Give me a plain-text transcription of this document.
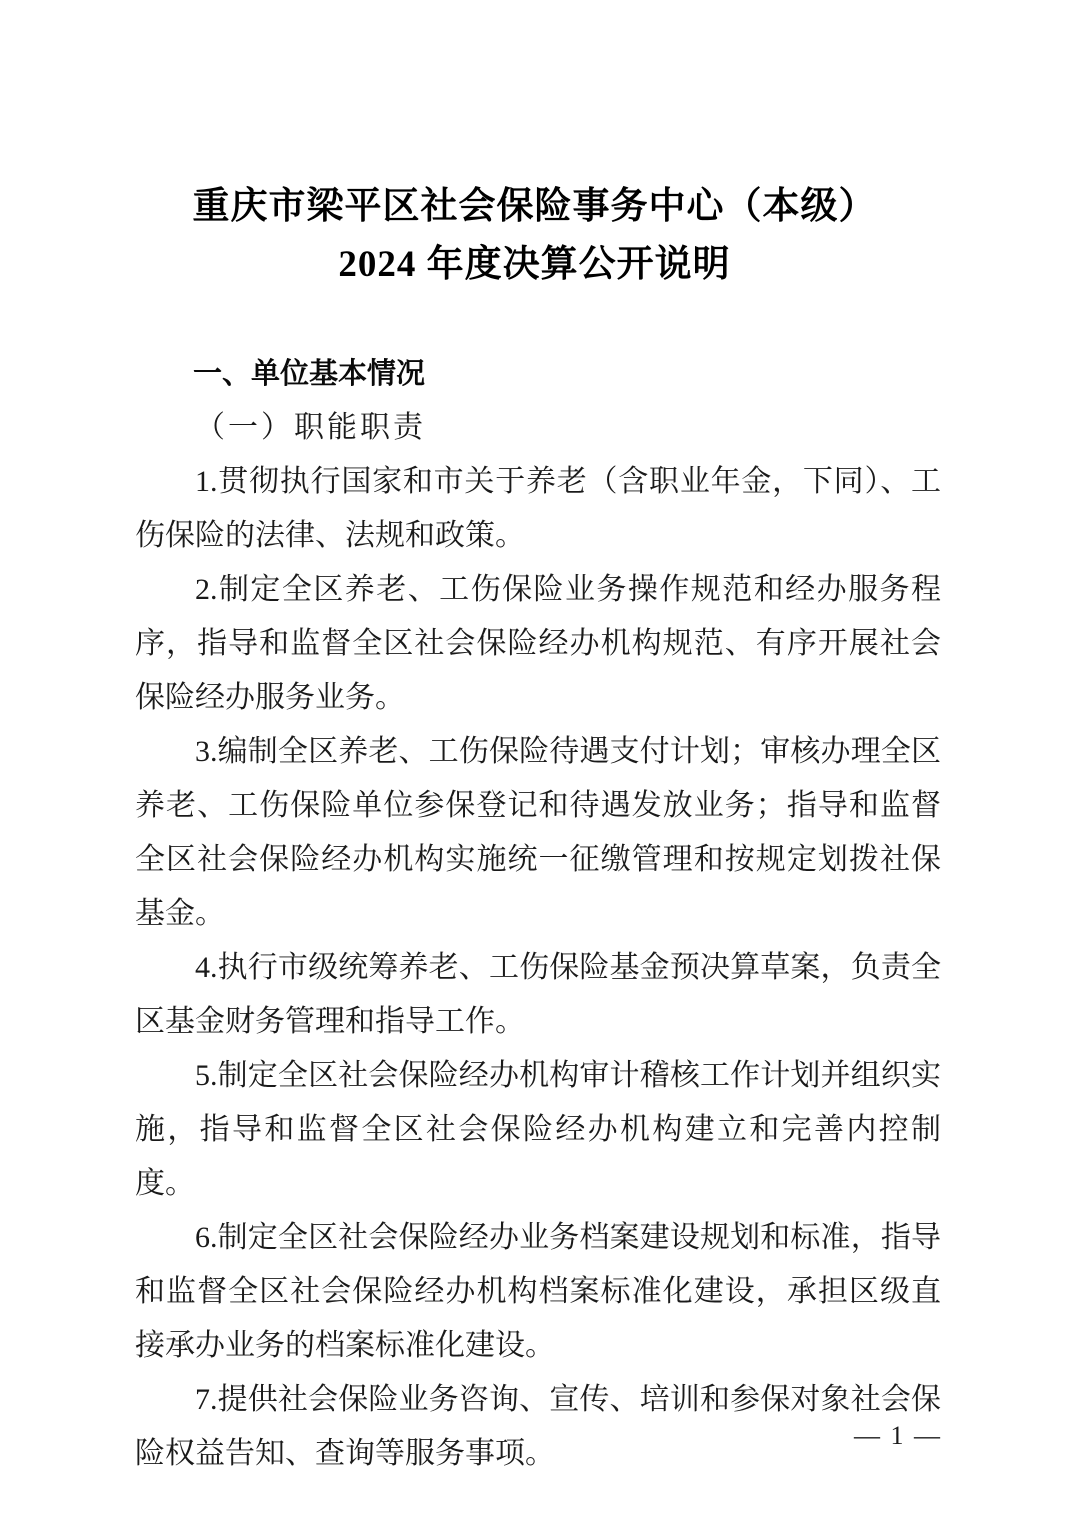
重庆市梁平区社会保险事务中心（本级）
2024 年度决算公开说明
一、单位基本情况
（一）职能职责

1.贯彻执行国家和市关于养老（含职业年金，下同）、工伤保险的法律、法规和政策。

2.制定全区养老、工伤保险业务操作规范和经办服务程序，指导和监督全区社会保险经办机构规范、有序开展社会保险经办服务业务。

3.编制全区养老、工伤保险待遇支付计划；审核办理全区养老、工伤保险单位参保登记和待遇发放业务；指导和监督全区社会保险经办机构实施统一征缴管理和按规定划拨社保基金。

4.执行市级统筹养老、工伤保险基金预决算草案，负责全区基金财务管理和指导工作。

5.制定全区社会保险经办机构审计稽核工作计划并组织实施，指导和监督全区社会保险经办机构建立和完善内控制度。

6.制定全区社会保险经办业务档案建设规划和标准，指导和监督全区社会保险经办机构档案标准化建设，承担区级直接承办业务的档案标准化建设。

7.提供社会保险业务咨询、宣传、培训和参保对象社会保险权益告知、查询等服务事项。

— 1 —
